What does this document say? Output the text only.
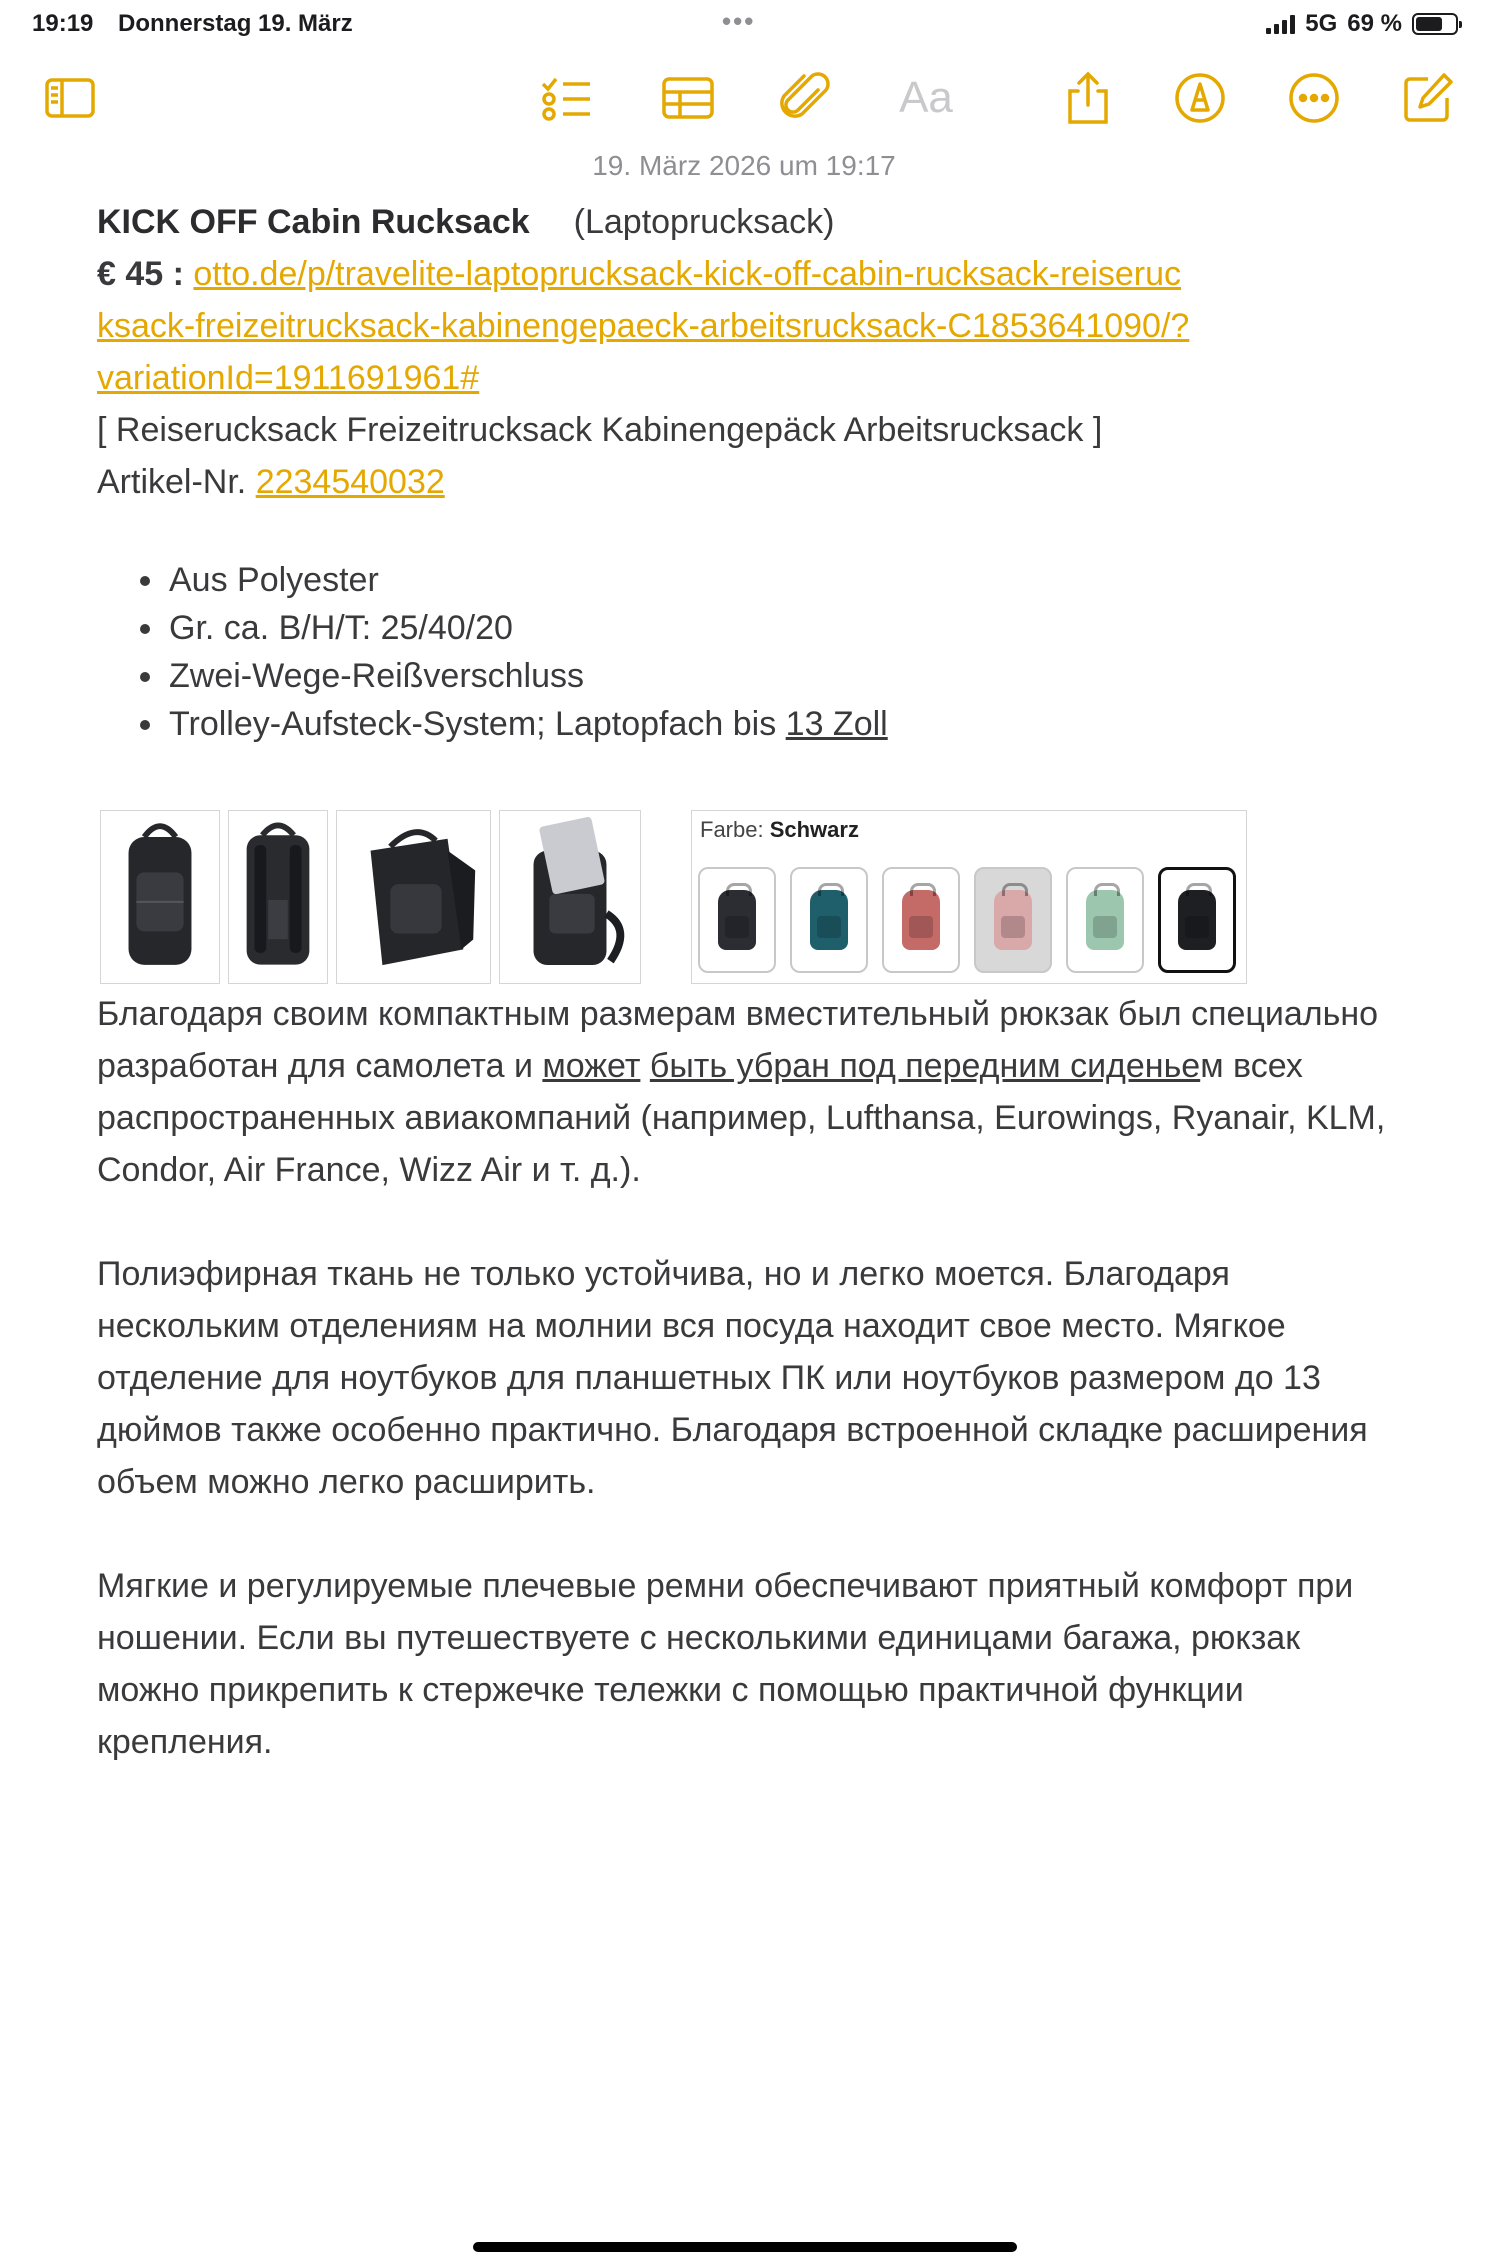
19:19 Donnerstag 19. März	•••	5G 69 %
Aa
19. März 2026 um 19:17

KICK OFF Cabin Rucksack (Laptoprucksack)

€ 45 : otto.de/p/travelite-laptoprucksack-kick-off-cabin-rucksack-reiserucksack-freizeitrucksack-kabinengepaeck-arbeitsrucksack-C1853641090/?variationId=1911691961#

[ Reiserucksack Freizeitrucksack Kabinengepäck Arbeitsrucksack ]

Artikel-Nr. 2234540032

• Aus Polyester
• Gr. ca. B/H/T: 25/40/20
• Zwei-Wege-Reißverschluss
• Trolley-Aufsteck-System; Laptopfach bis 13 Zoll
Farbe: Schwarz

Благодаря своим компактным размерам вместительный рюкзак был специально разработан для самолета и может быть убран под передним сиденьем всех распространенных авиакомпаний (например, Lufthansa, Eurowings, Ryanair, KLM, Condor, Air France, Wizz Air и т. д.).

Полиэфирная ткань не только устойчива, но и легко моется. Благодаря нескольким отделениям на молнии вся посуда находит свое место. Мягкое отделение для ноутбуков для планшетных ПК или ноутбуков размером до 13 дюймов также особенно практично. Благодаря встроенной складке расширения объем можно легко расширить.

Мягкие и регулируемые плечевые ремни обеспечивают приятный комфорт при ношении. Если вы путешествуете с несколькими единицами багажа, рюкзак можно прикрепить к стержечке тележки с помощью практичной функции крепления.
